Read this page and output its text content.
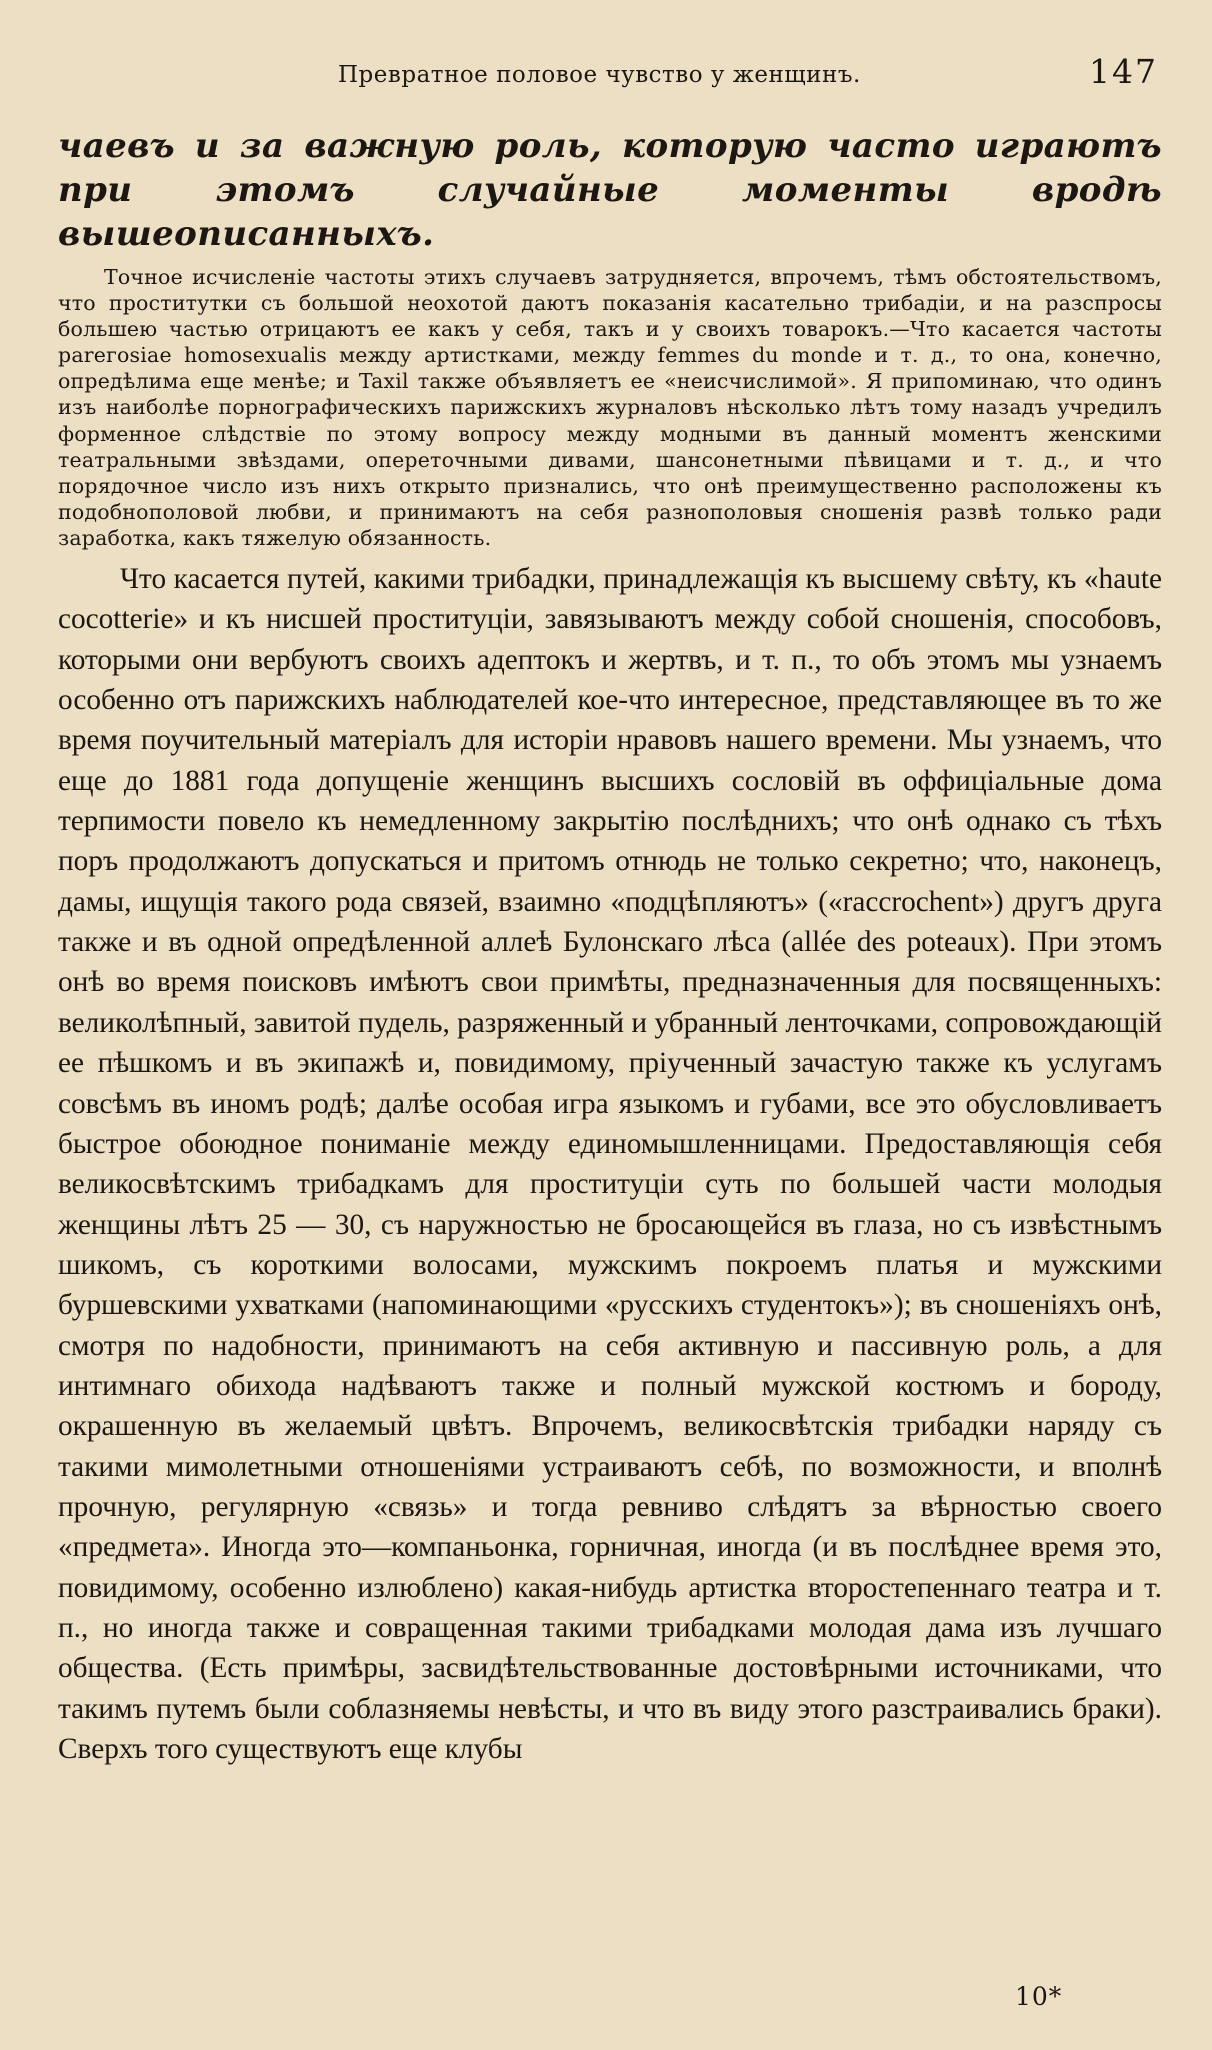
Превратное половое чувство у женщинъ.	147
чаевъ и за важную роль, которую часто играютъ при этомъ случайные моменты вродѣ вышеописанныхъ.
Точное исчисленіе частоты этихъ случаевъ затрудняется, впрочемъ, тѣмъ обстоятельствомъ, что проститутки съ большой неохотой даютъ показанія касательно трибадіи, и на разспросы большею частью отрицаютъ ее какъ у себя, такъ и у своихъ товарокъ.—Что касается частоты pareгоsiae homosexualis между артистками, между femmes du monde и т. д., то она, конечно, опредѣлима еще менѣе; и Taxil также объявляетъ ее «неисчислимой». Я припоминаю, что одинъ изъ наиболѣе порнографическихъ парижскихъ журналовъ нѣсколько лѣтъ тому назадъ учредилъ форменное слѣдствіе по этому вопросу между модными въ данный моментъ женскими театральными звѣздами, опереточными дивами, шансонетными пѣвицами и т. д., и что порядочное число изъ нихъ открыто признались, что онѣ преимущественно расположены къ подобнополовой любви, и принимаютъ на себя разнополовыя сношенія развѣ только ради заработка, какъ тяжелую обязанность.
Что касается путей, какими трибадки, принадлежащія къ высшему свѣту, къ «haute cocotterie» и къ нисшей проституціи, завязываютъ между собой сношенія, способовъ, которыми они вербуютъ своихъ адептокъ и жертвъ, и т. п., то объ этомъ мы узнаемъ особенно отъ парижскихъ наблюдателей кое-что интересное, представляющее въ то же время поучительный матеріалъ для исторіи нравовъ нашего времени. Мы узнаемъ, что еще до 1881 года допущеніе женщинъ высшихъ сословій въ оффиціальные дома терпимости повело къ немедленному закрытію послѣднихъ; что онѣ однако съ тѣхъ поръ продолжаютъ допускаться и притомъ отнюдь не только секретно; что, наконецъ, дамы, ищущія такого рода связей, взаимно «подцѣпляютъ» («raccrochent») другъ друга также и въ одной опредѣленной аллеѣ Булонскаго лѣса (allée des poteaux). При этомъ онѣ во время поисковъ имѣютъ свои примѣты, предназначенныя для посвященныхъ: великолѣпный, завитой пудель, разряженный и убранный ленточками, сопровождающій ее пѣшкомъ и въ экипажѣ и, повидимому, пріученный зачастую также къ услугамъ совсѣмъ въ иномъ родѣ; далѣе особая игра языкомъ и губами, все это обусловливаетъ быстрое обоюдное пониманіе между единомышленницами. Предоставляющія себя великосвѣтскимъ трибадкамъ для проституціи суть по большей части молодыя женщины лѣтъ 25 — 30, съ наружностью не бросающейся въ глаза, но съ извѣстнымъ шикомъ, съ короткими волосами, мужскимъ покроемъ платья и мужскими буршевскими ухватками (напоминающими «русскихъ студентокъ»); въ сношеніяхъ онѣ, смотря по надобности, принимаютъ на себя активную и пассивную роль, а для интимнаго обихода надѣваютъ также и полный мужской костюмъ и бороду, окрашенную въ желаемый цвѣтъ. Впрочемъ, великосвѣтскія трибадки наряду съ такими мимолетными отношеніями устраиваютъ себѣ, по возможности, и вполнѣ прочную, регулярную «связь» и тогда ревниво слѣдятъ за вѣрностью своего «предмета». Иногда это—компаньонка, горничная, иногда (и въ послѣднее время это, повидимому, особенно излюблено) какая-нибудь артистка второстепеннаго театра и т. п., но иногда также и совращенная такими трибадками молодая дама изъ лучшаго общества. (Есть примѣры, засвидѣтельствованные достовѣрными источниками, что такимъ путемъ были соблазняемы невѣсты, и что въ виду этого разстраивались браки). Сверхъ того существуютъ еще клубы
10*
